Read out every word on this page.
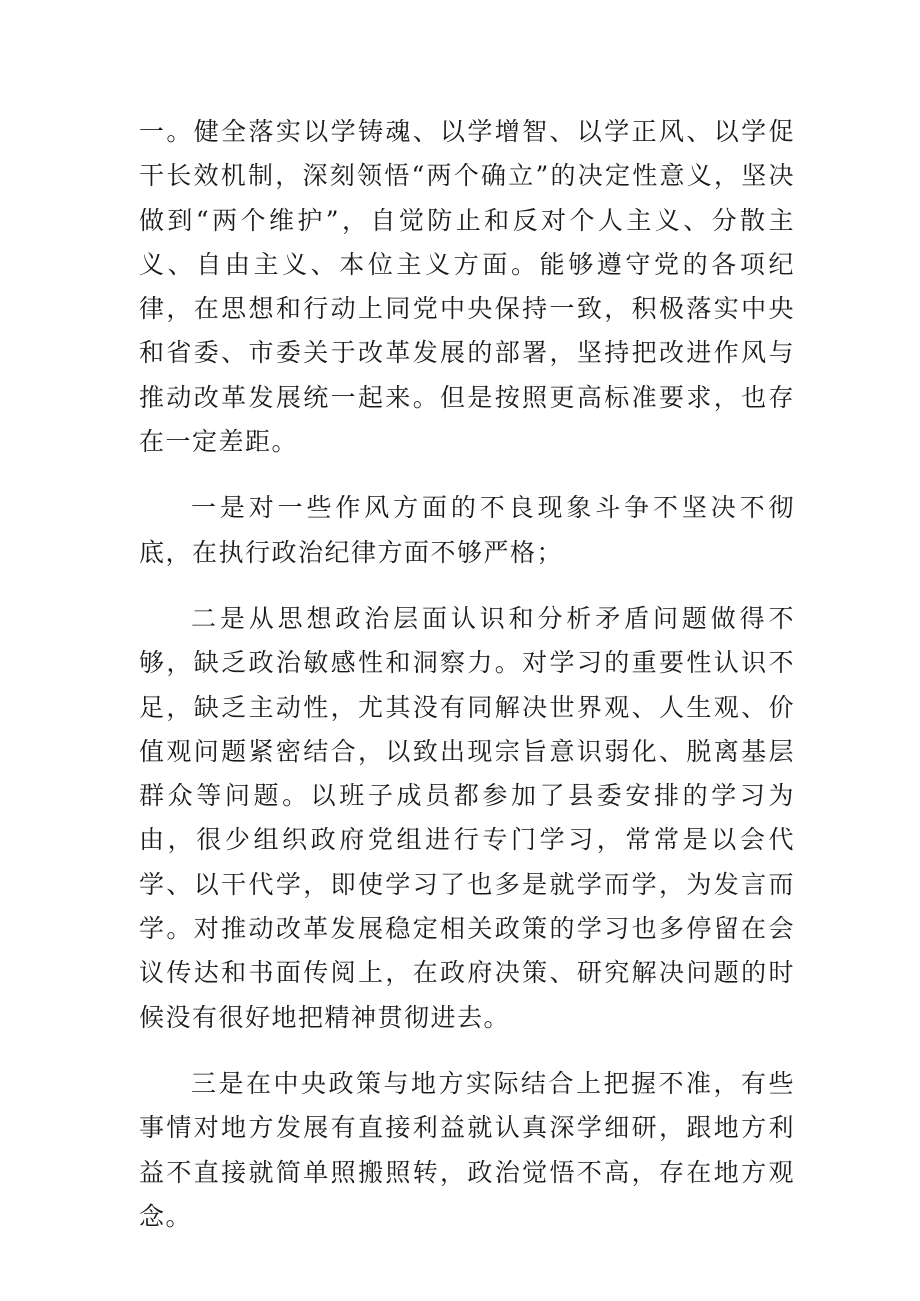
一。健全落实以学铸魂、以学增智、以学正风、以学促干长效机制，深刻领悟“两个确立”的决定性意义，坚决做到“两个维护”，自觉防止和反对个人主义、分散主义、自由主义、本位主义方面。能够遵守党的各项纪律，在思想和行动上同党中央保持一致，积极落实中央和省委、市委关于改革发展的部署，坚持把改进作风与推动改革发展统一起来。但是按照更高标准要求，也存在一定差距。

一是对一些作风方面的不良现象斗争不坚决不彻底，在执行政治纪律方面不够严格；

二是从思想政治层面认识和分析矛盾问题做得不够，缺乏政治敏感性和洞察力。对学习的重要性认识不足，缺乏主动性，尤其没有同解决世界观、人生观、价值观问题紧密结合，以致出现宗旨意识弱化、脱离基层群众等问题。以班子成员都参加了县委安排的学习为由，很少组织政府党组进行专门学习，常常是以会代学、以干代学，即使学习了也多是就学而学，为发言而学。对推动改革发展稳定相关政策的学习也多停留在会议传达和书面传阅上，在政府决策、研究解决问题的时候没有很好地把精神贯彻进去。

三是在中央政策与地方实际结合上把握不准，有些事情对地方发展有直接利益就认真深学细研，跟地方利益不直接就简单照搬照转，政治觉悟不高，存在地方观念。
